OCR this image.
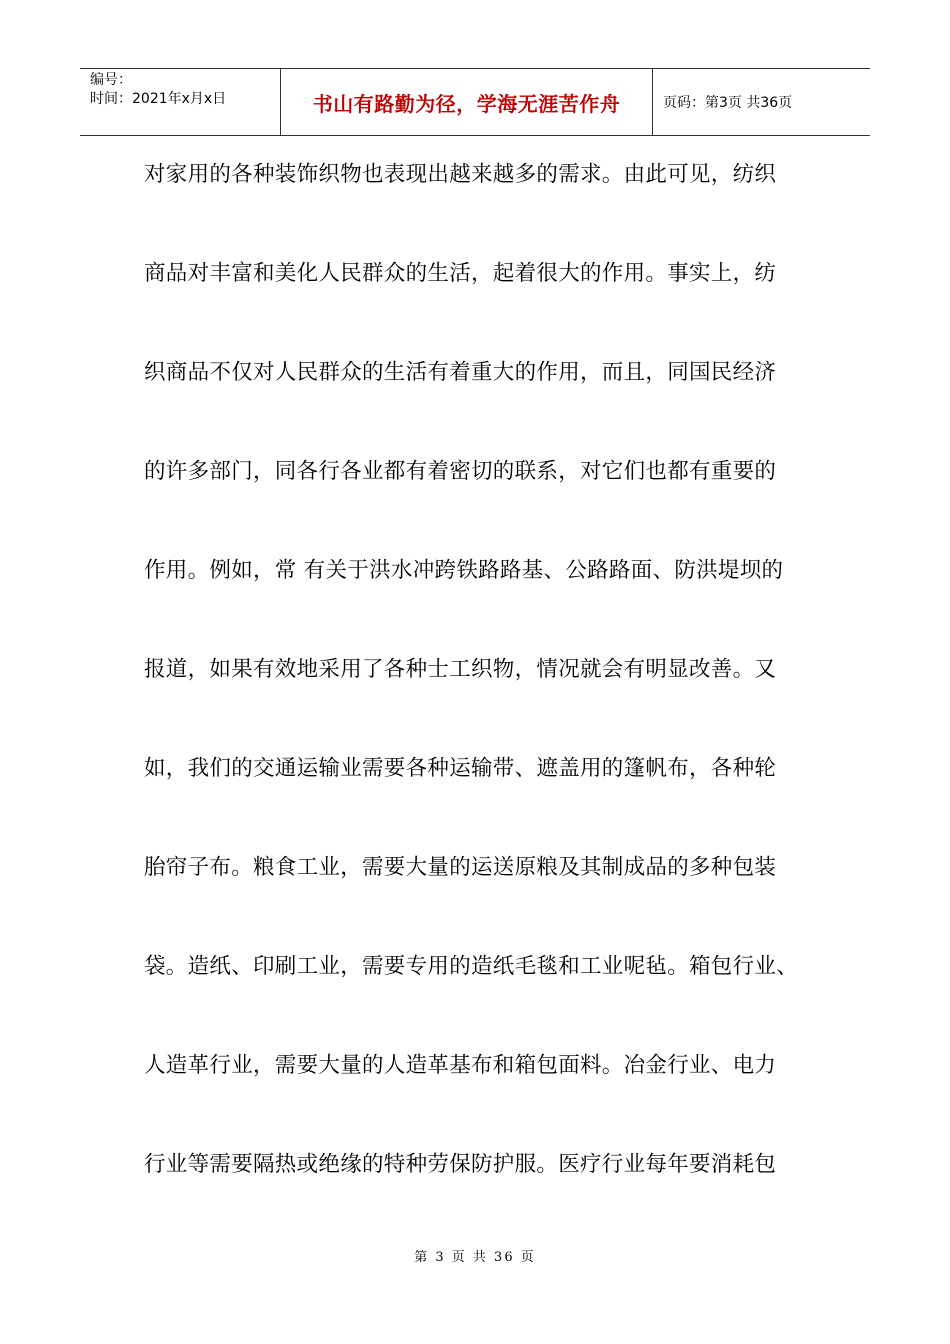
编号：
时间：2021年x月x日	书山有路勤为径，学海无涯苦作舟	页码：第3页 共36页
对家用的各种装饰织物也表现出越来越多的需求。由此可见，纺织
商品对丰富和美化人民群众的生活，起着很大的作用。事实上，纺
织商品不仅对人民群众的生活有着重大的作用，而且，同国民经济
的许多部门，同各行各业都有着密切的联系，对它们也都有重要的
作用。例如，常 有关于洪水冲跨铁路路基、公路路面、防洪堤坝的
报道，如果有效地采用了各种士工织物，情况就会有明显改善。又
如，我们的交通运输业需要各种运输带、遮盖用的篷帆布，各种轮
胎帘子布。粮食工业，需要大量的运送原粮及其制成品的多种包装
袋。造纸、印刷工业，需要专用的造纸毛毯和工业呢毡。箱包行业、
人造革行业，需要大量的人造革基布和箱包面料。冶金行业、电力
行业等需要隔热或绝缘的特种劳保防护服。医疗行业每年要消耗包
第 3 页 共 36 页
